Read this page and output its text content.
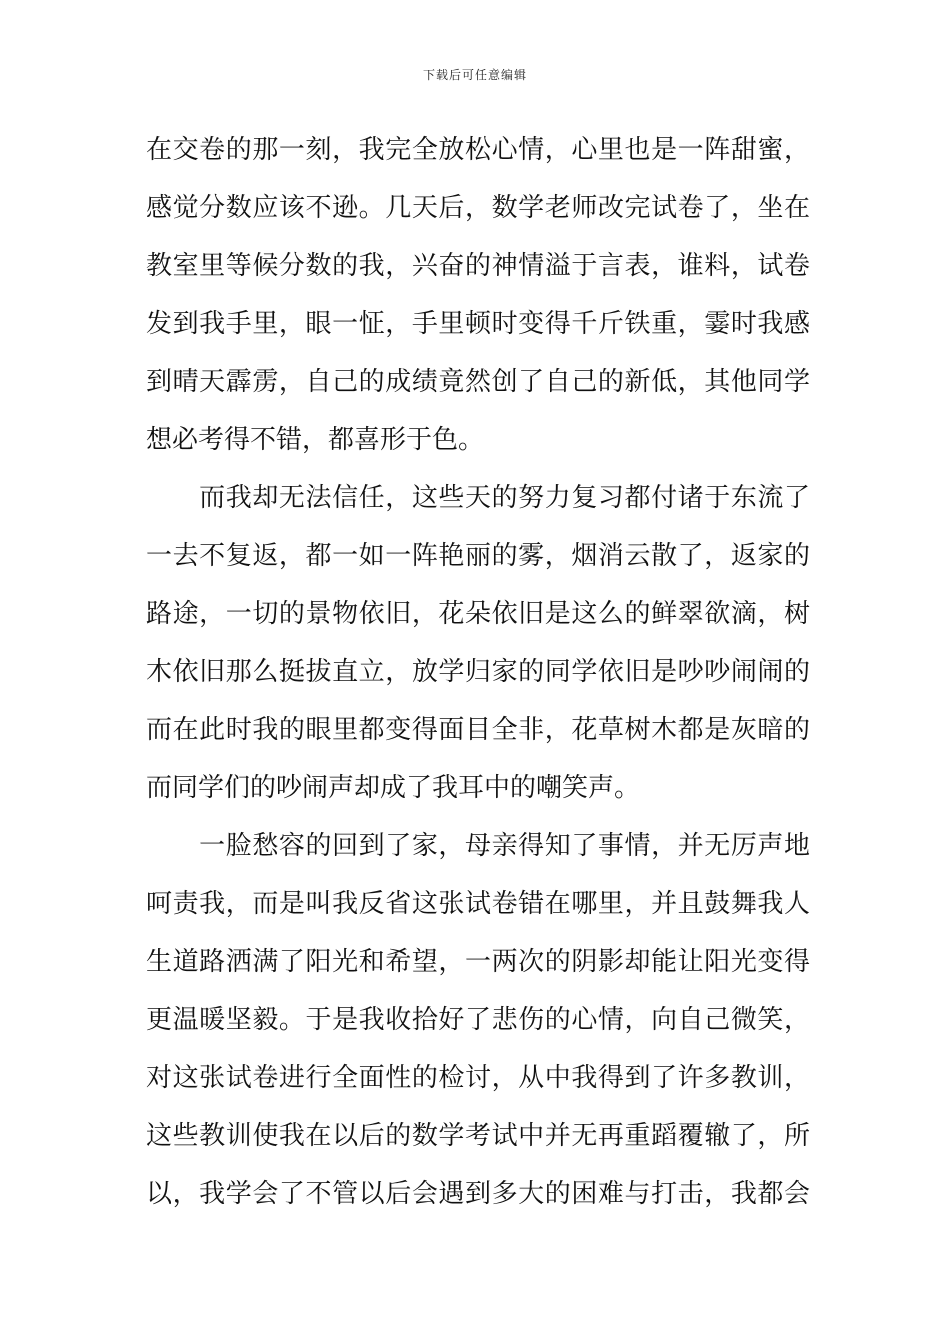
下载后可任意编辑
在交卷的那一刻，我完全放松心情，心里也是一阵甜蜜，
感觉分数应该不逊。几天后，数学老师改完试卷了，坐在
教室里等候分数的我，兴奋的神情溢于言表，谁料，试卷
发到我手里，眼一怔，手里顿时变得千斤铁重，霎时我感
到晴天霹雳，自己的成绩竟然创了自己的新低，其他同学
想必考得不错，都喜形于色。
　　而我却无法信任，这些天的努力复习都付诸于东流了
一去不复返，都一如一阵艳丽的雾，烟消云散了，返家的
路途，一切的景物依旧，花朵依旧是这么的鲜翠欲滴，树
木依旧那么挺拔直立，放学归家的同学依旧是吵吵闹闹的
而在此时我的眼里都变得面目全非，花草树木都是灰暗的
而同学们的吵闹声却成了我耳中的嘲笑声。
　　一脸愁容的回到了家，母亲得知了事情，并无厉声地
呵责我，而是叫我反省这张试卷错在哪里，并且鼓舞我人
生道路洒满了阳光和希望，一两次的阴影却能让阳光变得
更温暖坚毅。于是我收拾好了悲伤的心情，向自己微笑，
对这张试卷进行全面性的检讨，从中我得到了许多教训，
这些教训使我在以后的数学考试中并无再重蹈覆辙了，所
以，我学会了不管以后会遇到多大的困难与打击，我都会
